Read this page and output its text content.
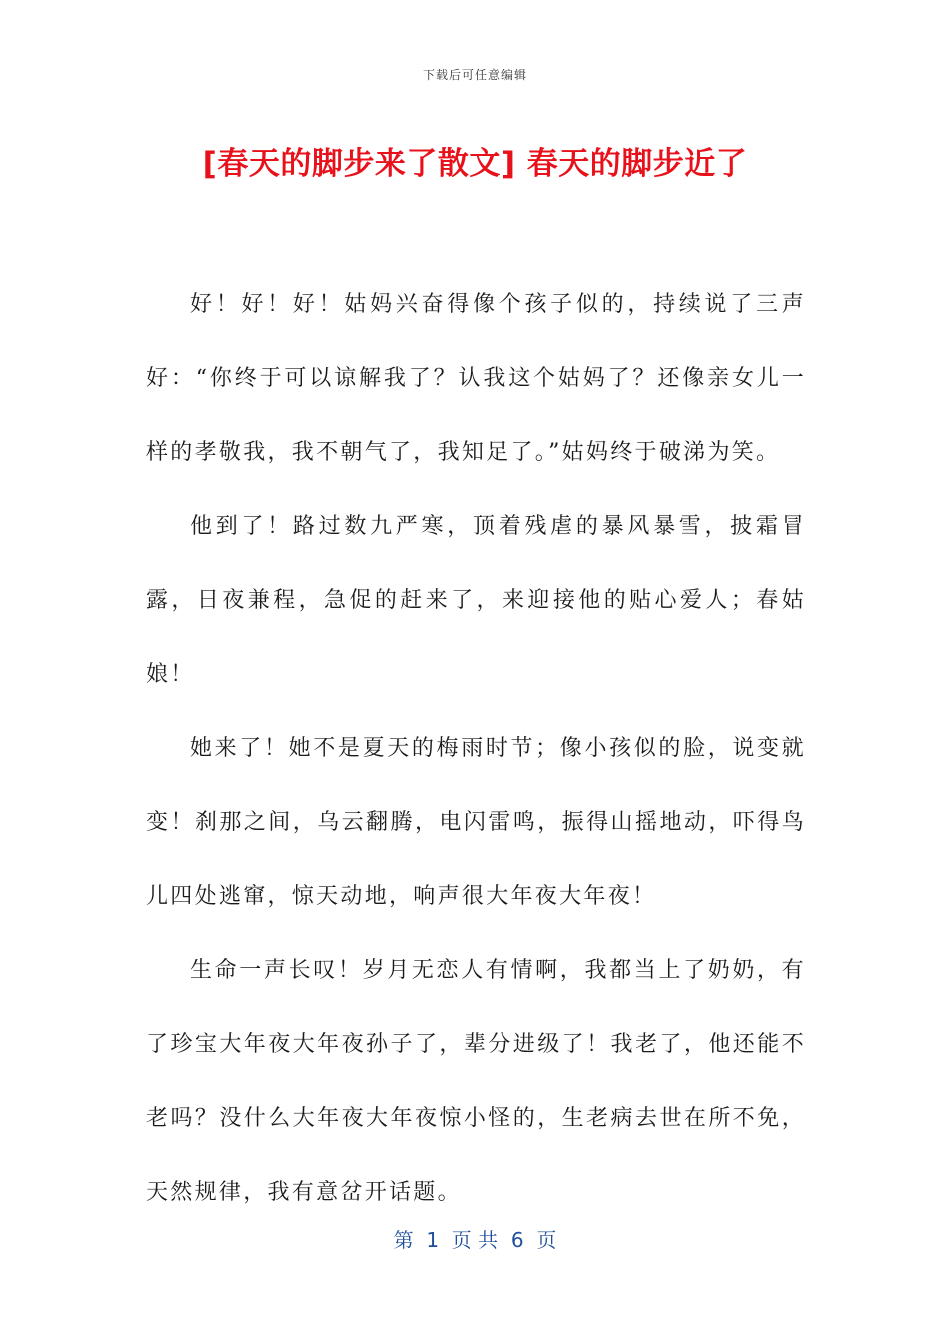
下载后可任意编辑
[春天的脚步来了散文] 春天的脚步近了

好！好！好！姑妈兴奋得像个孩子似的，持续说了三声好：“你终于可以谅解我了？认我这个姑妈了？还像亲女儿一样的孝敬我，我不朝气了，我知足了。”姑妈终于破涕为笑。

他到了！路过数九严寒，顶着残虐的暴风暴雪，披霜冒露，日夜兼程，急促的赶来了，来迎接他的贴心爱人；春姑娘！

她来了！她不是夏天的梅雨时节；像小孩似的脸，说变就变！刹那之间，乌云翻腾，电闪雷鸣，振得山摇地动，吓得鸟儿四处逃窜，惊天动地，响声很大年夜大年夜！

生命一声长叹！岁月无恋人有情啊，我都当上了奶奶，有了珍宝大年夜大年夜孙子了，辈分进级了！我老了，他还能不老吗？没什么大年夜大年夜惊小怪的，生老病去世在所不免，天然规律，我有意岔开话题。

第  1  页 共  6  页
